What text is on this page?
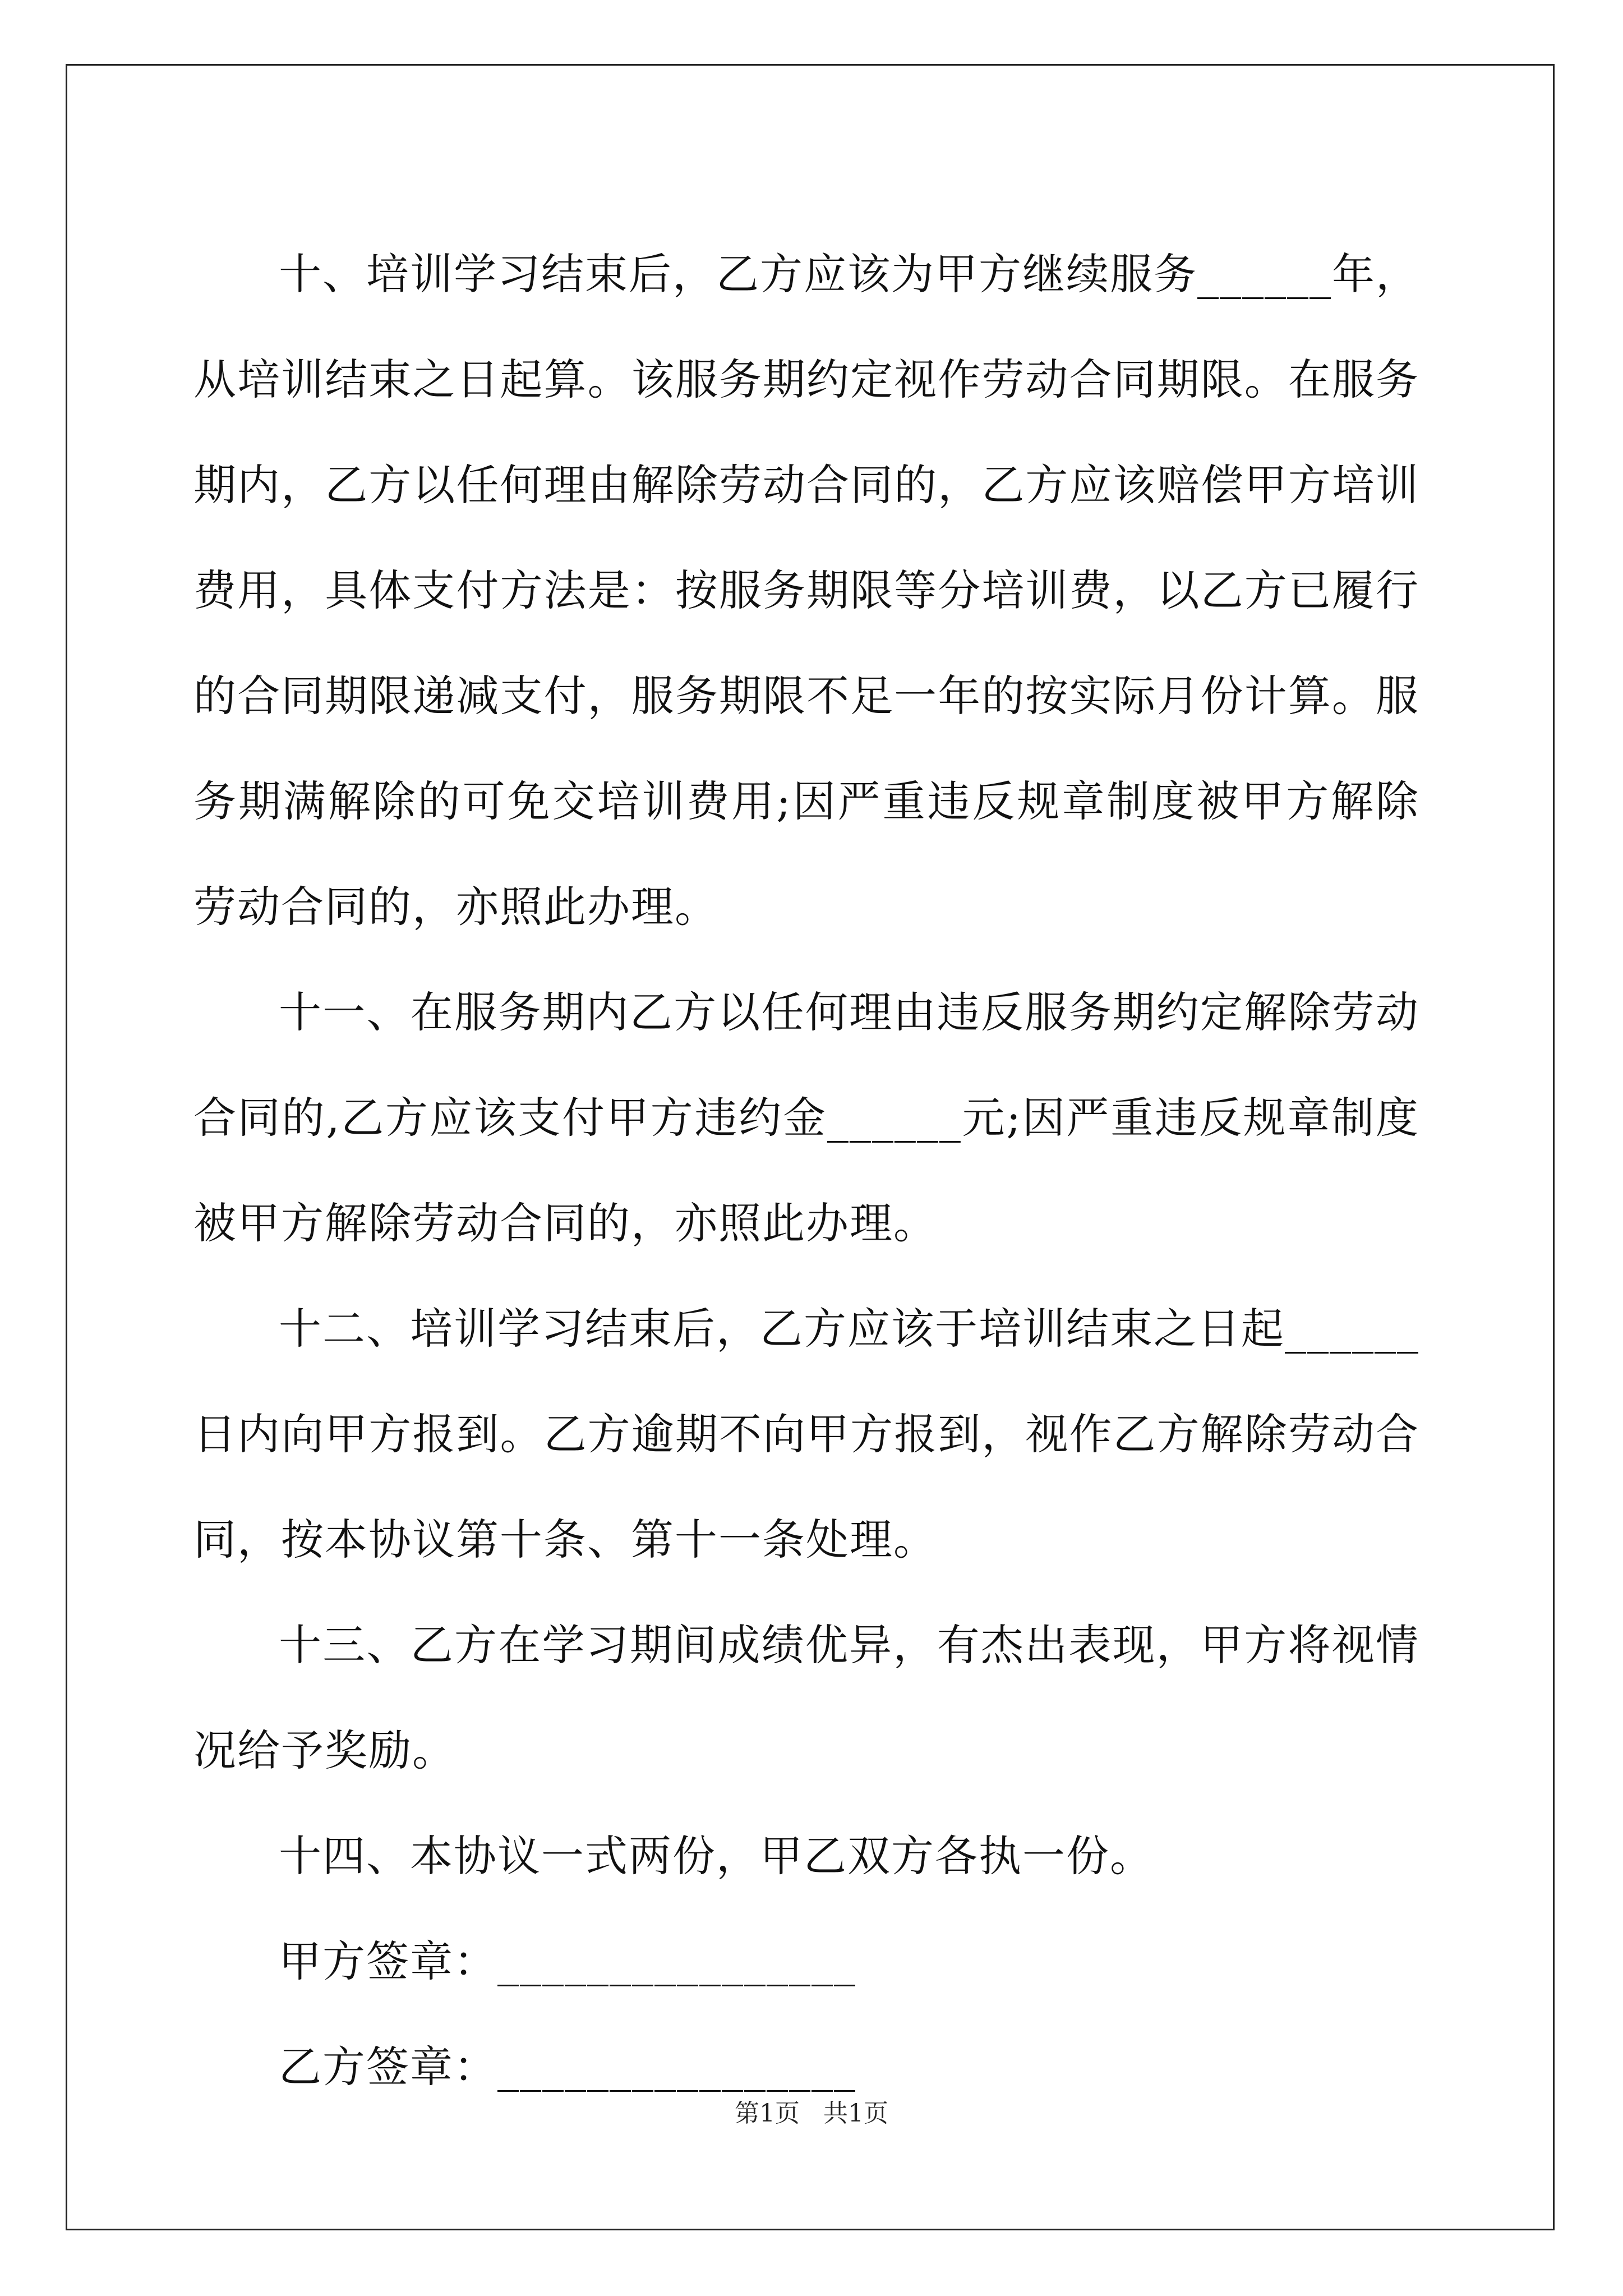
十、培训学习结束后，乙方应该为甲方继续服务______年，从培训结束之日起算。该服务期约定视作劳动合同期限。在服务期内，乙方以任何理由解除劳动合同的，乙方应该赔偿甲方培训费用，具体支付方法是：按服务期限等分培训费，以乙方已履行的合同期限递减支付，服务期限不足一年的按实际月份计算。服务期满解除的可免交培训费用;因严重违反规章制度被甲方解除劳动合同的，亦照此办理。

十一、在服务期内乙方以任何理由违反服务期约定解除劳动合同的,乙方应该支付甲方违约金______元;因严重违反规章制度被甲方解除劳动合同的，亦照此办理。

十二、培训学习结束后，乙方应该于培训结束之日起______日内向甲方报到。乙方逾期不向甲方报到，视作乙方解除劳动合同，按本协议第十条、第十一条处理。

十三、乙方在学习期间成绩优异，有杰出表现，甲方将视情况给予奖励。

十四、本协议一式两份，甲乙双方各执一份。

甲方签章：________________

乙方签章：________________

第1页   共1页
